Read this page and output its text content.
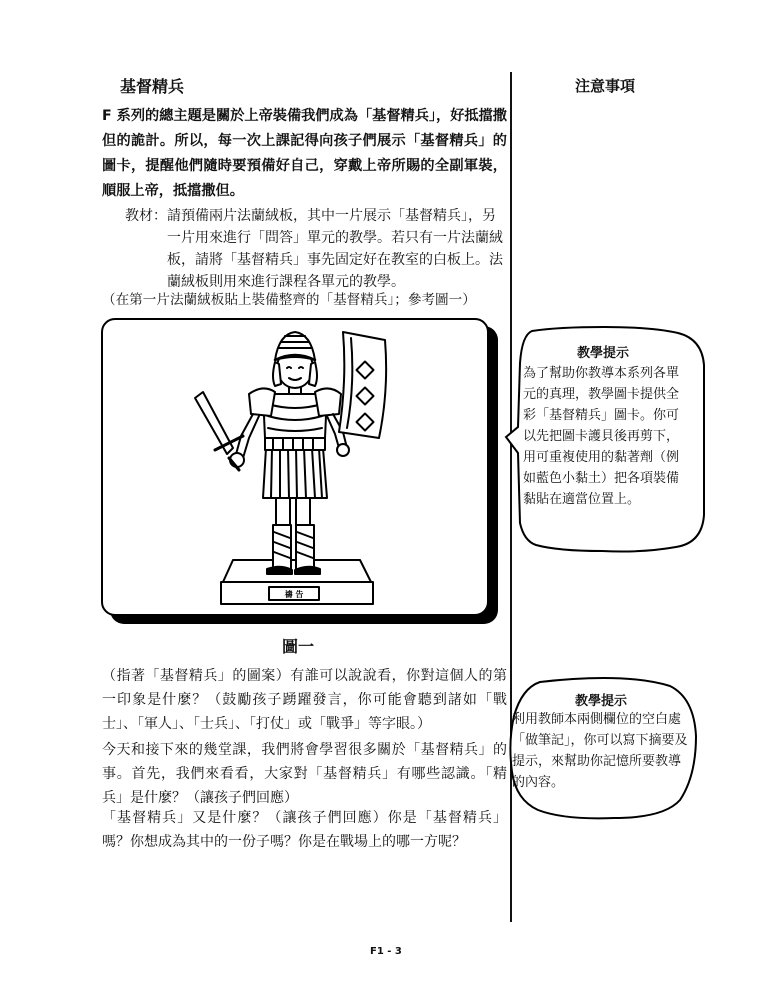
基督精兵	注意事項
F 系列的總主題是關於上帝裝備我們成為「基督精兵」，好抵擋撒但的詭計。所以，每一次上課記得向孩子們展示「基督精兵」的圖卡，提醒他們隨時要預備好自己，穿戴上帝所賜的全副軍裝，順服上帝，抵擋撒但。
教材： 請預備兩片法蘭絨板，其中一片展示「基督精兵」，另一片用來進行「問答」單元的教學。若只有一片法蘭絨板，請將「基督精兵」事先固定好在教室的白板上。法蘭絨板則用來進行課程各單元的教學。
（在第一片法蘭絨板貼上裝備整齊的「基督精兵」；參考圖一）
禱 告
圖一
（指著「基督精兵」的圖案）有誰可以說說看，你對這個人的第一印象是什麼？（鼓勵孩子踴躍發言，你可能會聽到諸如「戰士」、「軍人」、「士兵」、「打仗」或「戰爭」等字眼。）
今天和接下來的幾堂課，我們將會學習很多關於「基督精兵」的事。首先，我們來看看，大家對「基督精兵」有哪些認識。「精兵」是什麼？（讓孩子們回應）
「基督精兵」又是什麼？（讓孩子們回應）你是「基督精兵」嗎？你想成為其中的一份子嗎？你是在戰場上的哪一方呢？
教學提示
為了幫助你教導本系列各單元的真理，教學圖卡提供全彩「基督精兵」圖卡。你可以先把圖卡護貝後再剪下，用可重複使用的黏著劑（例如藍色小黏土）把各項裝備黏貼在適當位置上。
教學提示
利用教師本兩側欄位的空白處「做筆記」，你可以寫下摘要及提示，來幫助你記憶所要教導的內容。
F1 - 3
